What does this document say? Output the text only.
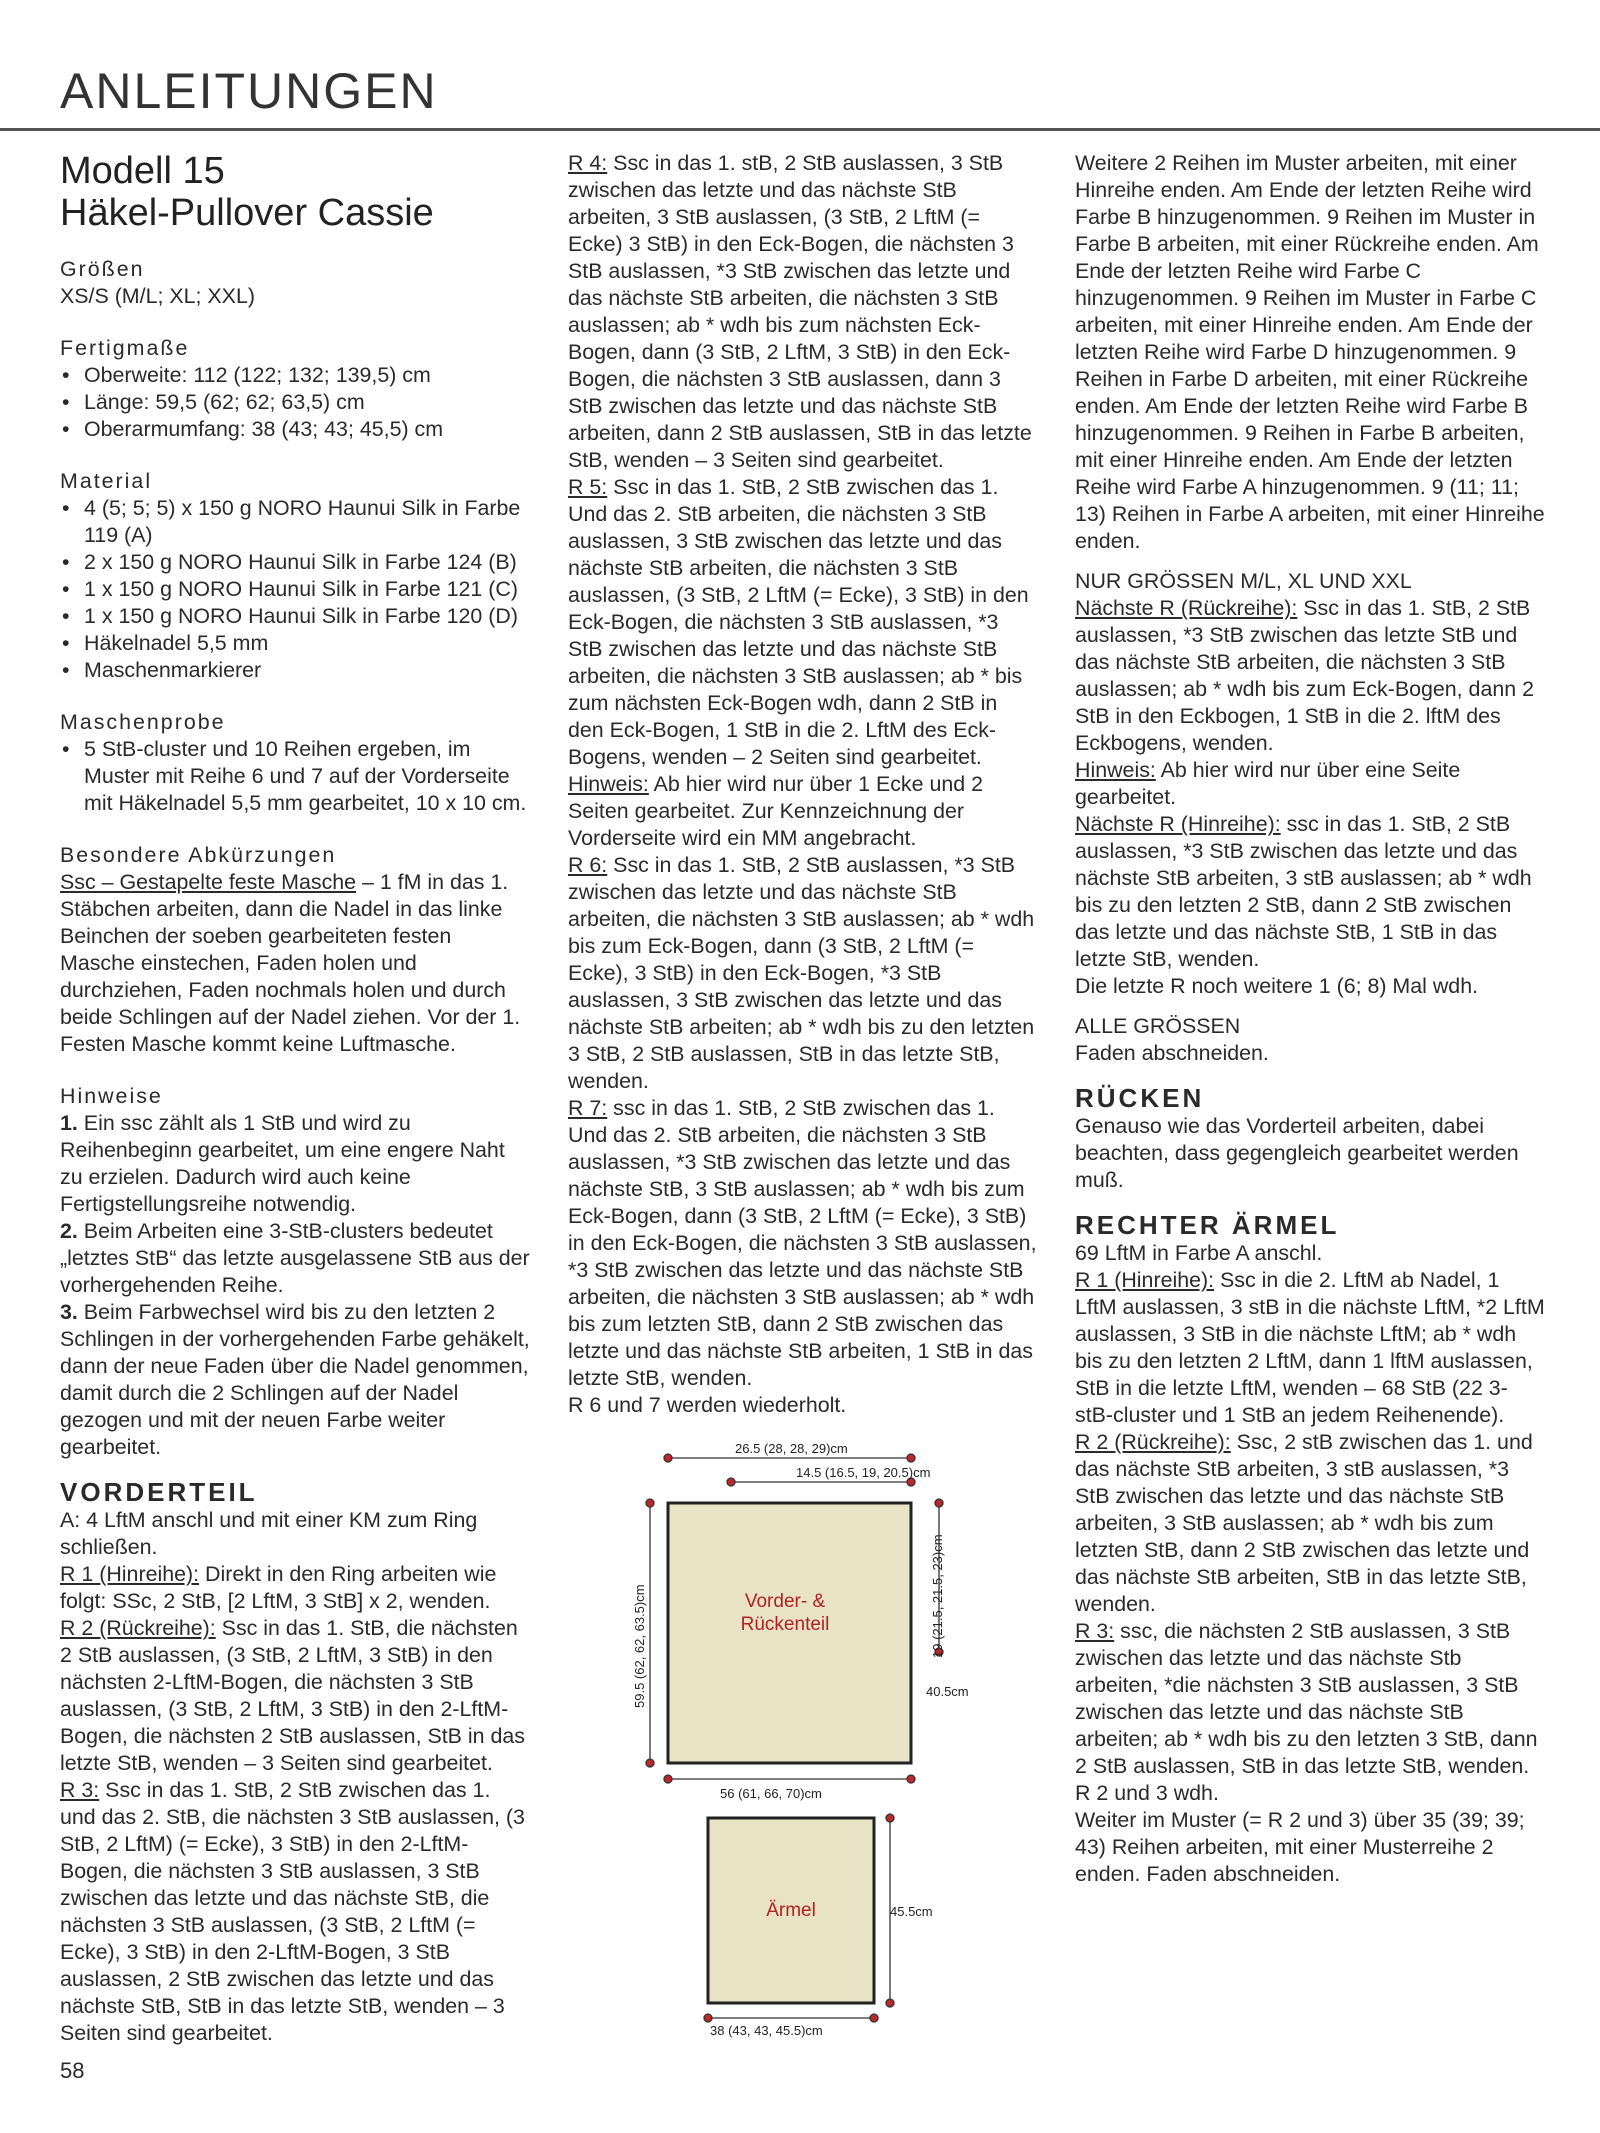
ANLEITUNGEN
Modell 15
Häkel-Pullover Cassie
Größen
XS/S (M/L; XL; XXL)
Fertigmaße
• Oberweite: 112 (122; 132; 139,5) cm
• Länge: 59,5 (62; 62; 63,5) cm
• Oberarmumfang: 38 (43; 43; 45,5) cm
Material
• 4 (5; 5; 5) x 150 g NORO Haunui Silk in Farbe 119 (A)
• 2 x 150 g NORO Haunui Silk in Farbe 124 (B)
• 1 x 150 g NORO Haunui Silk in Farbe 121 (C)
• 1 x 150 g NORO Haunui Silk in Farbe 120 (D)
• Häkelnadel 5,5 mm
• Maschenmarkierer
Maschenprobe
• 5 StB-cluster und 10 Reihen ergeben, im Muster mit Reihe 6 und 7 auf der Vorderseite mit Häkelnadel 5,5 mm gearbeitet, 10 x 10 cm.
Besondere Abkürzungen
Ssc – Gestapelte feste Masche – 1 fM in das 1. Stäbchen arbeiten, dann die Nadel in das linke Beinchen der soeben gearbeiteten festen Masche einstechen, Faden holen und durchziehen, Faden nochmals holen und durch beide Schlingen auf der Nadel ziehen. Vor der 1. Festen Masche kommt keine Luftmasche.
Hinweise
1. Ein ssc zählt als 1 StB und wird zu Reihenbeginn gearbeitet, um eine engere Naht zu erzielen. Dadurch wird auch keine Fertigstellungsreihe notwendig.
2. Beim Arbeiten eine 3-StB-clusters bedeutet „letztes StB“ das letzte ausgelassene StB aus der vorhergehenden Reihe.
3. Beim Farbwechsel wird bis zu den letzten 2 Schlingen in der vorhergehenden Farbe gehäkelt, dann der neue Faden über die Nadel genommen, damit durch die 2 Schlingen auf der Nadel gezogen und mit der neuen Farbe weiter gearbeitet.
VORDERTEIL
A: 4 LftM anschl und mit einer KM zum Ring schließen.
R 1 (Hinreihe): Direkt in den Ring arbeiten wie folgt: SSc, 2 StB, [2 LftM, 3 StB] x 2, wenden.
R 2 (Rückreihe): Ssc in das 1. StB, die nächsten 2 StB auslassen, (3 StB, 2 LftM, 3 StB) in den nächsten 2-LftM-Bogen, die nächsten 3 StB auslassen, (3 StB, 2 LftM, 3 StB) in den 2-LftM-Bogen, die nächsten 2 StB auslassen, StB in das letzte StB, wenden – 3 Seiten sind gearbeitet.
R 3: Ssc in das 1. StB, 2 StB zwischen das 1. und das 2. StB, die nächsten 3 StB auslassen, (3 StB, 2 LftM) (= Ecke), 3 StB) in den 2-LftM-Bogen, die nächsten 3 StB auslassen, 3 StB zwischen das letzte und das nächste StB, die nächsten 3 StB auslassen, (3 StB, 2 LftM (= Ecke), 3 StB) in den 2-LftM-Bogen, 3 StB auslassen, 2 StB zwischen das letzte und das nächste StB, StB in das letzte StB, wenden – 3 Seiten sind gearbeitet.
R 4: Ssc in das 1. stB, 2 StB auslassen, 3 StB zwischen das letzte und das nächste StB arbeiten, 3 StB auslassen, (3 StB, 2 LftM (= Ecke) 3 StB) in den Eck-Bogen, die nächsten 3 StB auslassen, *3 StB zwischen das letzte und das nächste StB arbeiten, die nächsten 3 StB auslassen; ab * wdh bis zum nächsten Eck-Bogen, dann (3 StB, 2 LftM, 3 StB) in den Eck-Bogen, die nächsten 3 StB auslassen, dann 3 StB zwischen das letzte und das nächste StB arbeiten, dann 2 StB auslassen, StB in das letzte StB, wenden – 3 Seiten sind gearbeitet.
R 5: Ssc in das 1. StB, 2 StB zwischen das 1. Und das 2. StB arbeiten, die nächsten 3 StB auslassen, 3 StB zwischen das letzte und das nächste StB arbeiten, die nächsten 3 StB auslassen, (3 StB, 2 LftM (= Ecke), 3 StB) in den Eck-Bogen, die nächsten 3 StB auslassen, *3 StB zwischen das letzte und das nächste StB arbeiten, die nächsten 3 StB auslassen; ab * bis zum nächsten Eck-Bogen wdh, dann 2 StB in den Eck-Bogen, 1 StB in die 2. LftM des Eck-Bogens, wenden – 2 Seiten sind gearbeitet.
Hinweis: Ab hier wird nur über 1 Ecke und 2 Seiten gearbeitet. Zur Kennzeichnung der Vorderseite wird ein MM angebracht.
R 6: Ssc in das 1. StB, 2 StB auslassen, *3 StB zwischen das letzte und das nächste StB arbeiten, die nächsten 3 StB auslassen; ab * wdh bis zum Eck-Bogen, dann (3 StB, 2 LftM (= Ecke), 3 StB) in den Eck-Bogen, *3 StB auslassen, 3 StB zwischen das letzte und das nächste StB arbeiten; ab * wdh bis zu den letzten 3 StB, 2 StB auslassen, StB in das letzte StB, wenden.
R 7: ssc in das 1. StB, 2 StB zwischen das 1. Und das 2. StB arbeiten, die nächsten 3 StB auslassen, *3 StB zwischen das letzte und das nächste StB, 3 StB auslassen; ab * wdh bis zum Eck-Bogen, dann (3 StB, 2 LftM (= Ecke), 3 StB) in den Eck-Bogen, die nächsten 3 StB auslassen, *3 StB zwischen das letzte und das nächste StB arbeiten, die nächsten 3 StB auslassen; ab * wdh bis zum letzten StB, dann 2 StB zwischen das letzte und das nächste StB arbeiten, 1 StB in das letzte StB, wenden.
R 6 und 7 werden wiederholt.
26.5 (28, 28, 29)cm
14.5 (16.5, 19, 20.5)cm
59.5 (62, 62, 63.5)cm	19 (21.5, 21.5, 23)cm
40.5cm
56 (61, 66, 70)cm
45.5cm
38 (43, 43, 45.5)cm
Vorder- &
Rückenteil
Ärmel
Weitere 2 Reihen im Muster arbeiten, mit einer Hinreihe enden. Am Ende der letzten Reihe wird Farbe B hinzugenommen. 9 Reihen im Muster in Farbe B arbeiten, mit einer Rückreihe enden. Am Ende der letzten Reihe wird Farbe C hinzugenommen. 9 Reihen im Muster in Farbe C arbeiten, mit einer Hinreihe enden. Am Ende der letzten Reihe wird Farbe D hinzugenommen. 9 Reihen in Farbe D arbeiten, mit einer Rückreihe enden. Am Ende der letzten Reihe wird Farbe B hinzugenommen. 9 Reihen in Farbe B arbeiten, mit einer Hinreihe enden. Am Ende der letzten Reihe wird Farbe A hinzugenommen. 9 (11; 11; 13) Reihen in Farbe A arbeiten, mit einer Hinreihe enden.
NUR GRÖSSEN M/L, XL UND XXL
Nächste R (Rückreihe): Ssc in das 1. StB, 2 StB auslassen, *3 StB zwischen das letzte StB und das nächste StB arbeiten, die nächsten 3 StB auslassen; ab * wdh bis zum Eck-Bogen, dann 2 StB in den Eckbogen, 1 StB in die 2. lftM des Eckbogens, wenden.
Hinweis: Ab hier wird nur über eine Seite gearbeitet.
Nächste R (Hinreihe): ssc in das 1. StB, 2 StB auslassen, *3 StB zwischen das letzte und das nächste StB arbeiten, 3 stB auslassen; ab * wdh bis zu den letzten 2 StB, dann 2 StB zwischen das letzte und das nächste StB, 1 StB in das letzte StB, wenden.
Die letzte R noch weitere 1 (6; 8) Mal wdh.
ALLE GRÖSSEN
Faden abschneiden.
RÜCKEN
Genauso wie das Vorderteil arbeiten, dabei beachten, dass gegengleich gearbeitet werden muß.
RECHTER ÄRMEL
69 LftM in Farbe A anschl.
R 1 (Hinreihe): Ssc in die 2. LftM ab Nadel, 1 LftM auslassen, 3 stB in die nächste LftM, *2 LftM auslassen, 3 StB in die nächste LftM; ab * wdh bis zu den letzten 2 LftM, dann 1 lftM auslassen, StB in die letzte LftM, wenden – 68 StB (22 3-stB-cluster und 1 StB an jedem Reihenende).
R 2 (Rückreihe): Ssc, 2 stB zwischen das 1. und das nächste StB arbeiten, 3 stB auslassen, *3 StB zwischen das letzte und das nächste StB arbeiten, 3 StB auslassen; ab * wdh bis zum letzten StB, dann 2 StB zwischen das letzte und das nächste StB arbeiten, StB in das letzte StB, wenden.
R 3: ssc, die nächsten 2 StB auslassen, 3 StB zwischen das letzte und das nächste Stb arbeiten, *die nächsten 3 StB auslassen, 3 StB zwischen das letzte und das nächste StB arbeiten; ab * wdh bis zu den letzten 3 StB, dann 2 StB auslassen, StB in das letzte StB, wenden.
R 2 und 3 wdh.
Weiter im Muster (= R 2 und 3) über 35 (39; 39; 43) Reihen arbeiten, mit einer Musterreihe 2 enden. Faden abschneiden.
58
